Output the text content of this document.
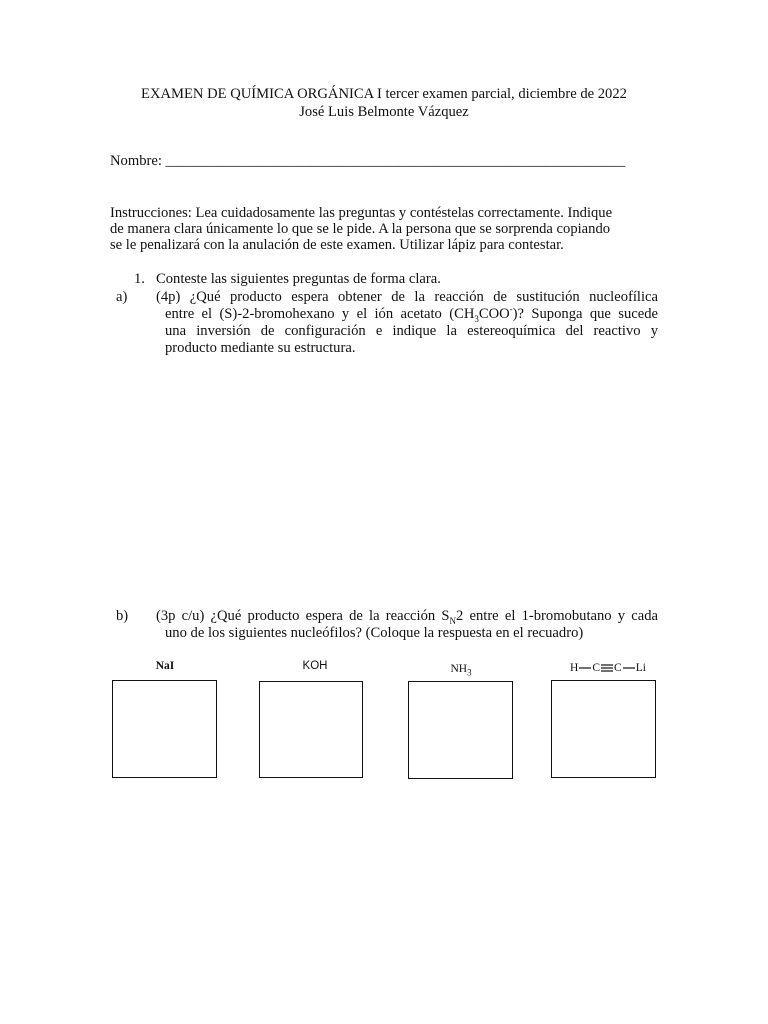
EXAMEN DE QUÍMICA ORGÁNICA I tercer examen parcial, diciembre de 2022
José Luis Belmonte Vázquez
Nombre: _______________________________________________________________
Instrucciones: Lea cuidadosamente las preguntas y contéstelas correctamente. Indique
de manera clara únicamente lo que se le pide. A la persona que se sorprenda copiando
se le penalizará con la anulación de este examen. Utilizar lápiz para contestar.
1. Conteste las siguientes preguntas de forma clara.
a) (4p) ¿Qué producto espera obtener de la reacción de sustitución nucleofílica
entre el (S)-2-bromohexano y el ión acetato $(CH_3COO^-)$? Suponga que sucede
una inversión de configuración e indique la estereoquímica del reactivo y
producto mediante su estructura.
b) (3p c/u) ¿Qué producto espera de la reacción $S_N2$ entre el 1-bromobutano y cada
uno de los siguientes nucleófilos? (Coloque la respuesta en el recuadro)
NaI	KOH	$NH_3$	H C C Li
